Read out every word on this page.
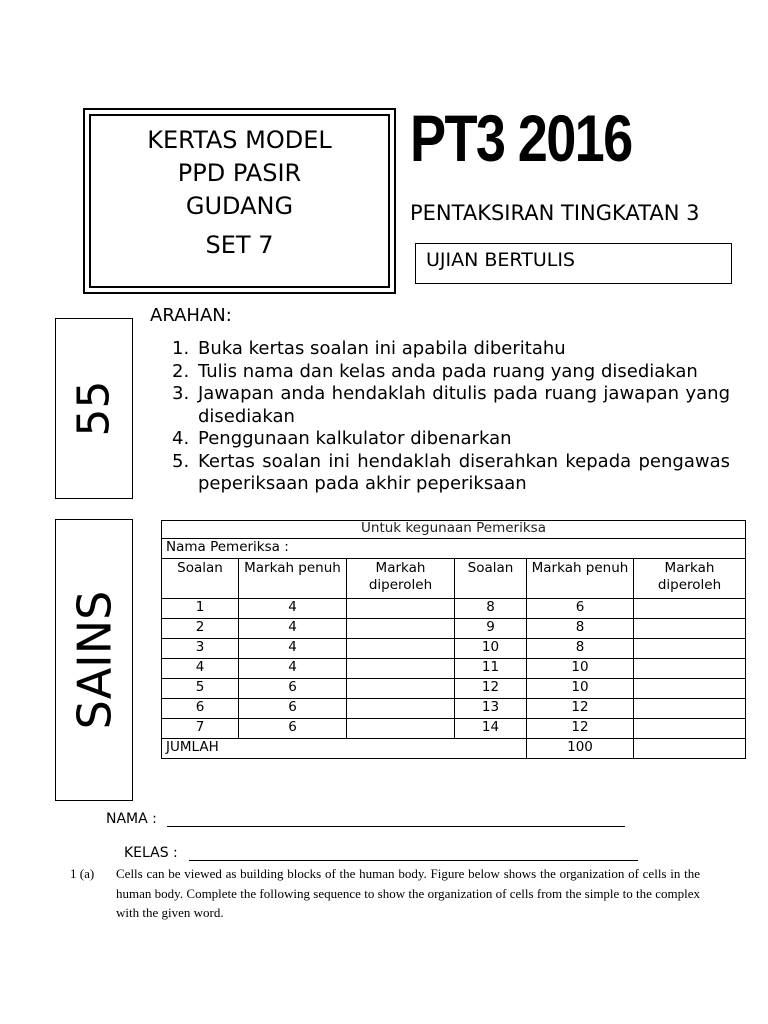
KERTAS MODEL
PPD PASIR
GUDANG
SET 7
PT3 2016
PENTAKSIRAN TINGKATAN 3
UJIAN BERTULIS
55
SAINS
ARAHAN:
1. Buka kertas soalan ini apabila diberitahu
2. Tulis nama dan kelas anda pada ruang yang disediakan
3. Jawapan anda hendaklah ditulis pada ruang jawapan yang disediakan
4. Penggunaan kalkulator dibenarkan
5. Kertas soalan ini hendaklah diserahkan kepada pengawas peperiksaan pada akhir peperiksaan
Untuk kegunaan Pemeriksa					
Nama Pemeriksa :					
Soalan	Markah penuh	Markah diperoleh	Soalan	Markah penuh	Markah diperoleh
1	4		8	6	
2	4		9	8	
3	4		10	8	
4	4		11	10	
5	6		12	10	
6	6		13	12	
7	6		14	12	
JUMLAH				100	
NAMA :
KELAS :
1 (a) Cells can be viewed as building blocks of the human body. Figure below shows the organization of cells in the human body. Complete the following sequence to show the organization of cells from the simple to the complex with the given word.
